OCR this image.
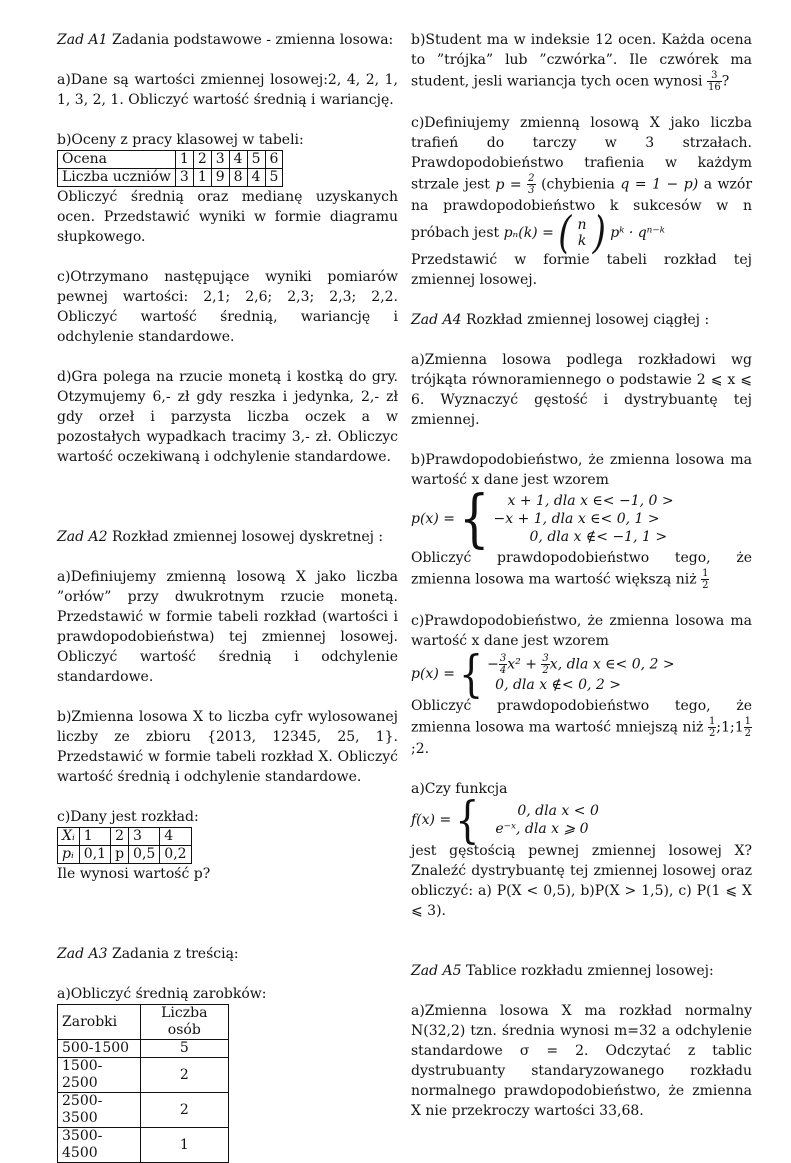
Zad A1 Zadania podstawowe - zmienna losowa:

a)Dane są wartości zmiennej losowej:2, 4, 2, 1, 1, 3, 2, 1. Obliczyć wartość średnią i wariancję.

b)Oceny z pracy klasowej w tabeli:

Ocena	1	2	3	4	5	6
Liczba uczniów	3	1	9	8	4	5

Obliczyć średnią oraz medianę uzyskanych ocen. Przedstawić wyniki w formie diagramu słupkowego.

c)Otrzymano następujące wyniki pomiarów pewnej wartości: 2,1; 2,6; 2,3; 2,3; 2,2. Obliczyć wartość średnią, wariancję i odchylenie standardowe.

d)Gra polega na rzucie monetą i kostką do gry. Otzymujemy 6,- zł gdy reszka i jedynka, 2,- zł gdy orzeł i parzysta liczba oczek a w pozostałych wypadkach tracimy 3,- zł. Obliczyc wartość oczekiwaną i odchylenie standardowe.

Zad A2 Rozkład zmiennej losowej dyskretnej :

a)Definiujemy zmienną losową X jako liczba ”orłów” przy dwukrotnym rzucie monetą. Przedstawić w formie tabeli rozkład (wartości i prawdopodobieństwa) tej zmiennej losowej. Obliczyć wartość średnią i odchylenie standardowe.

b)Zmienna losowa X to liczba cyfr wylosowanej liczby ze zbioru {2013, 12345, 25, 1}. Przedstawić w formie tabeli rozkład X. Obliczyć wartość średnią i odchylenie standardowe.

c)Dany jest rozkład:

Xᵢ	1	2	3	4
pᵢ	0,1	p	0,5	0,2

Ile wynosi wartość p?

Zad A3 Zadania z treścią:

a)Obliczyć średnią zarobków:

Zarobki	Liczba osób
500-1500	5
1500-2500	2
2500-3500	2
3500-4500	1

b)Student ma w indeksie 12 ocen. Każda ocena to ”trójka” lub ”czwórka”. Ile czwórek ma student, jesli wariancja tych ocen wynosi $\frac{3}{16}$ ?

c)Definiujemy zmienną losową X jako liczba trafień do tarczy w 3 strzałach. Prawdopodobieństwo trafienia w każdym strzale jest $p = \frac{2}{3}$ (chybienia q = 1 − p) a wzór na prawdopodobieństwo k sukcesów w n próbach jest pₙ(k) = ( n
k ) pᵏ · qⁿ⁻ᵏ
Przedstawić w formie tabeli rozkład tej zmiennej losowej.

Zad A4 Rozkład zmiennej losowej ciągłej :

a)Zmienna losowa podlega rozkładowi wg trójkąta równoramiennego o podstawie 2 ⩽ x ⩽ 6. Wyznaczyć gęstość i dystrybuantę tej zmiennej.

b)Prawdopodobieństwo, że zmienna losowa ma wartość x dane jest wzorem

p(x) = {	x + 1, dla x ∈< −1, 0 >
−x + 1, dla x ∈< 0, 1 >
0, dla x ∉< −1, 1 >

Obliczyć prawdopodobieństwo tego, że zmienna losowa ma wartość większą niż $\frac{1}{2}$

c)Prawdopodobieństwo, że zmienna losowa ma wartość x dane jest wzorem

p(x) = { − $\frac{3}{4} x^2 + \frac{3}{2} x$, dla x ∈< 0, 2 >
0, dla x ∉< 0, 2 >

Obliczyć prawdopodobieństwo tego, że zmienna losowa ma wartość mniejszą niż $\frac{1}{2}$ ;1;1 $\frac{1}{2}$
;2.

a)Czy funkcja

f(x) = {	0, dla x < 0
e⁻ˣ, dla x ⩾ 0

jest gęstością pewnej zmiennej losowej X? Znaleźć dystrybuantę tej zmiennej losowej oraz obliczyć: a) P(X < 0,5), b)P(X > 1,5), c) P(1 ⩽ X ⩽ 3).

Zad A5 Tablice rozkładu zmiennej losowej:

a)Zmienna losowa X ma rozkład normalny N(32,2) tzn. średnia wynosi m=32 a odchylenie standardowe σ = 2. Odczytać z tablic dystrubuanty standaryzowanego rozkładu normalnego prawdopodobieństwo, że zmienna X nie przekroczy wartości 33,68.
